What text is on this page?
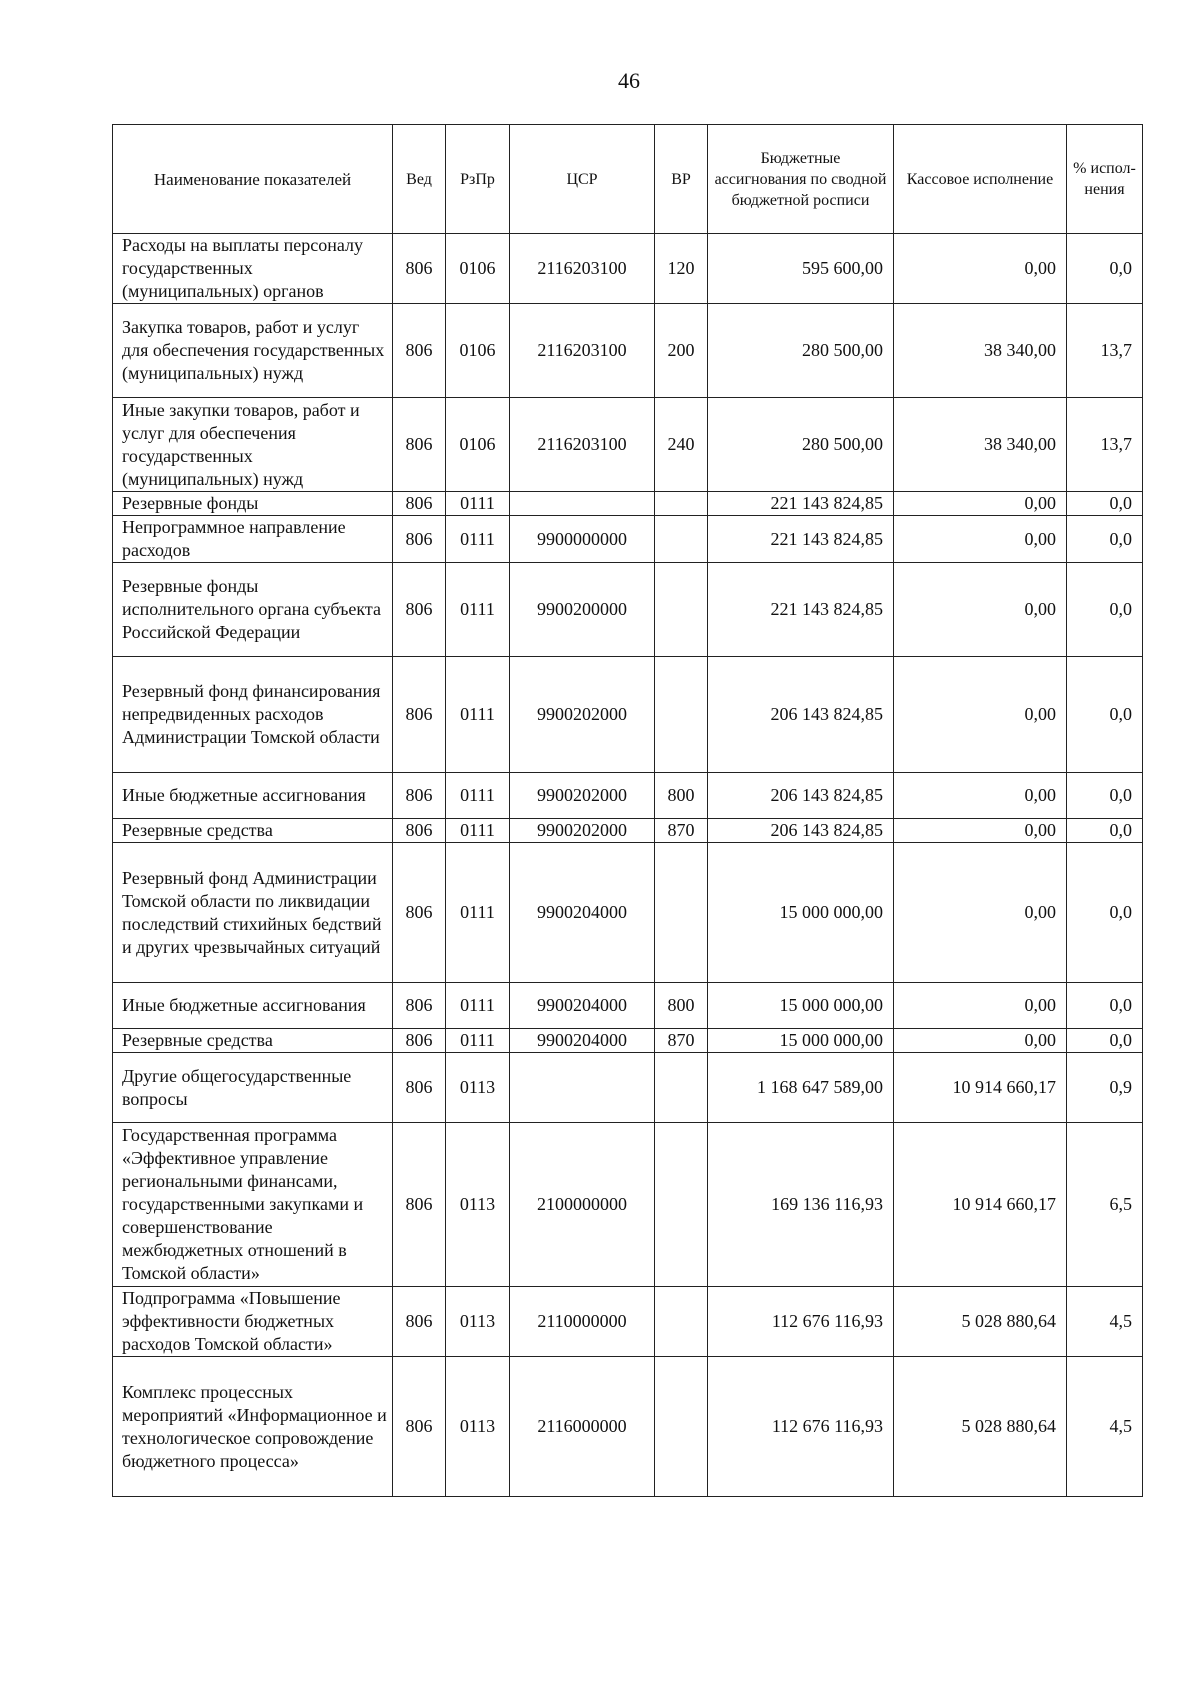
46
Наименование показателей	Вед	РзПр	ЦСР	ВР	Бюджетные ассигнования по сводной бюджетной росписи	Кассовое исполнение	% испол-нения
Расходы на выплаты персоналу государственных (муниципальных) органов	806	0106	2116203100	120	595 600,00	0,00	0,0
Закупка товаров, работ и услуг для обеспечения государственных (муниципальных) нужд	806	0106	2116203100	200	280 500,00	38 340,00	13,7
Иные закупки товаров, работ и услуг для обеспечения государственных (муниципальных) нужд	806	0106	2116203100	240	280 500,00	38 340,00	13,7
Резервные фонды	806	0111			221 143 824,85	0,00	0,0
Непрограммное направление расходов	806	0111	9900000000		221 143 824,85	0,00	0,0
Резервные фонды исполнительного органа субъекта Российской Федерации	806	0111	9900200000		221 143 824,85	0,00	0,0
Резервный фонд финансирования непредвиденных расходов Администрации Томской области	806	0111	9900202000		206 143 824,85	0,00	0,0
Иные бюджетные ассигнования	806	0111	9900202000	800	206 143 824,85	0,00	0,0
Резервные средства	806	0111	9900202000	870	206 143 824,85	0,00	0,0
Резервный фонд Администрации Томской области по ликвидации последствий стихийных бедствий и других чрезвычайных ситуаций	806	0111	9900204000		15 000 000,00	0,00	0,0
Иные бюджетные ассигнования	806	0111	9900204000	800	15 000 000,00	0,00	0,0
Резервные средства	806	0111	9900204000	870	15 000 000,00	0,00	0,0
Другие общегосударственные вопросы	806	0113			1 168 647 589,00	10 914 660,17	0,9
Государственная программа «Эффективное управление региональными финансами, государственными закупками и совершенствование межбюджетных отношений в Томской области»	806	0113	2100000000		169 136 116,93	10 914 660,17	6,5
Подпрограмма «Повышение эффективности бюджетных расходов Томской области»	806	0113	2110000000		112 676 116,93	5 028 880,64	4,5
Комплекс процессных мероприятий «Информационное и технологическое сопровождение бюджетного процесса»	806	0113	2116000000		112 676 116,93	5 028 880,64	4,5
